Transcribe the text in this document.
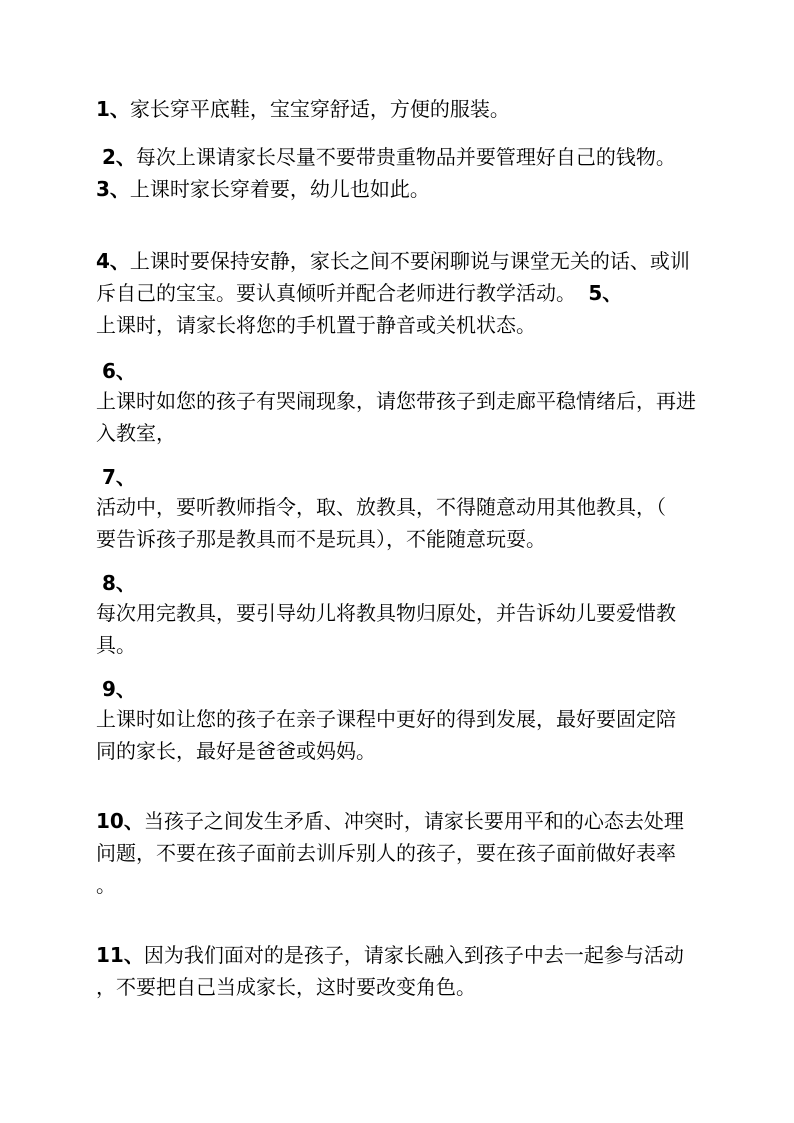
1、家长穿平底鞋，宝宝穿舒适，方便的服装。
2、每次上课请家长尽量不要带贵重物品并要管理好自己的钱物。
3、上课时家长穿着要，幼儿也如此。
4、上课时要保持安静，家长之间不要闲聊说与课堂无关的话、或训
斥自己的宝宝。要认真倾听并配合老师进行教学活动。 5、
上课时，请家长将您的手机置于静音或关机状态。
6、
上课时如您的孩子有哭闹现象，请您带孩子到走廊平稳情绪后，再进
入教室，
7、
活动中，要听教师指令，取、放教具，不得随意动用其他教具，（
要告诉孩子那是教具而不是玩具），不能随意玩耍。
8、
每次用完教具，要引导幼儿将教具物归原处，并告诉幼儿要爱惜教
具。
9、
上课时如让您的孩子在亲子课程中更好的得到发展，最好要固定陪
同的家长，最好是爸爸或妈妈。
10、当孩子之间发生矛盾、冲突时，请家长要用平和的心态去处理
问题，不要在孩子面前去训斥别人的孩子，要在孩子面前做好表率
。
11、因为我们面对的是孩子，请家长融入到孩子中去一起参与活动
，不要把自己当成家长，这时要改变角色。
